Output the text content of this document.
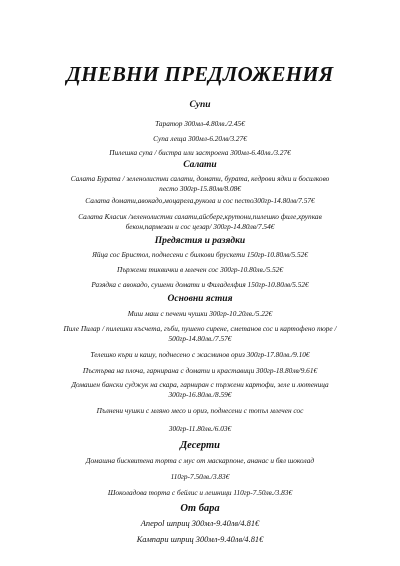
ДНЕВНИ ПРЕДЛОЖЕНИЯ
Супи
Таратор 300мл-4.80лв./2.45€
Супа леща 300мл-6.20лв/3.27€
Пилешка супа / бистра или застроена 300мл-6.40лв./3.27€
Салати
Салата Бурата / зеленолистни салати, домати, бурата, кедрови ядки и босилково
песто 300гр-15.80лв/8.08€
Салата домати,авокадо,моцарела,рукола и сос песто300гр-14.80лв/7.57€
Салата Класик /зеленолистни салати,айсберг,крутони,пилешко филе,хрупкав
бекон,пармезан и сос цезар/ 300гр-14.80лв/7.54€
Предястия и разядки
Яйца сос Бристол, поднесени с билкови брускети 150гр-10.80лв/5.52€
Пържени тиквички в млечен сос 300гр-10.80лв./5.52€
Разядка с авокадо, сушени домати и Филаделфия 150гр-10.80лв/5.52€
Основни ястия
Миш маш с печени чушки 300гр-10.20лв./5.22€
Пиле Пилар / пилешки късчета, гъби, пушено сирене, сметанов сос и картофено пюре /
500гр-14.80лв./7.57€
Телешко къри и кашу, поднесено с жасминов ориз 300гр-17.80лв./9.10€
Пъстърва на плоча, гарнирана с домати и краставици 300гр-18.80лв/9.61€
Домашен бански суджук на скара, гарниран с пържени картофи, зеле и лютеница
300гр-16.80лв./8.59€
Пълнени чушки с мляно месо и ориз, поднесени с топъл млечен сос
300гр-11.80лв./6.03€
Десерти
Домашна бисквитена торта с мус от маскарпоне, ананас и бял шоколад
110гр-7.50лв./3.83€
Шоколадова торта с бейлис и лешници 110гр-7.50лв./3.83€
От бара
Апероl шприц 300мл-9.40лв/4.81€
Кампари шприц 300мл-9.40лв/4.81€
